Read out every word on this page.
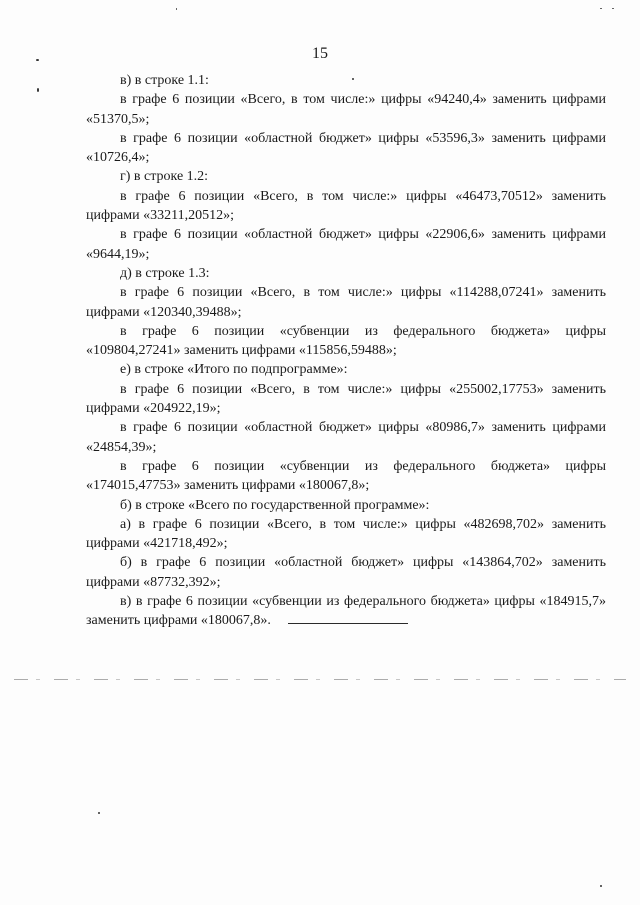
15

в) в строке 1.1:

в графе 6 позиции «Всего, в том числе:» цифры «94240,4» заменить цифрами «51370,5»;

в графе 6 позиции «областной бюджет» цифры «53596,3» заменить цифрами «10726,4»;

г) в строке 1.2:

в графе 6 позиции «Всего, в том числе:» цифры «46473,70512» заменить цифрами «33211,20512»;

в графе 6 позиции «областной бюджет» цифры «22906,6» заменить цифрами «9644,19»;

д) в строке 1.3:

в графе 6 позиции «Всего, в том числе:» цифры «114288,07241» заменить цифрами «120340,39488»;

в графе 6 позиции «субвенции из федерального бюджета» цифры «109804,27241» заменить цифрами «115856,59488»;

е) в строке «Итого по подпрограмме»:

в графе 6 позиции «Всего, в том числе:» цифры «255002,17753» заменить цифрами «204922,19»;

в графе 6 позиции «областной бюджет» цифры «80986,7» заменить цифрами «24854,39»;

в графе 6 позиции «субвенции из федерального бюджета» цифры «174015,47753» заменить цифрами «180067,8»;

б) в строке «Всего по государственной программе»:

а) в графе 6 позиции «Всего, в том числе:» цифры «482698,702» заменить цифрами «421718,492»;

б) в графе 6 позиции «областной бюджет» цифры «143864,702» заменить цифрами «87732,392»;

в) в графе 6 позиции «субвенции из федерального бюджета» цифры «184915,7» заменить цифрами «180067,8».
